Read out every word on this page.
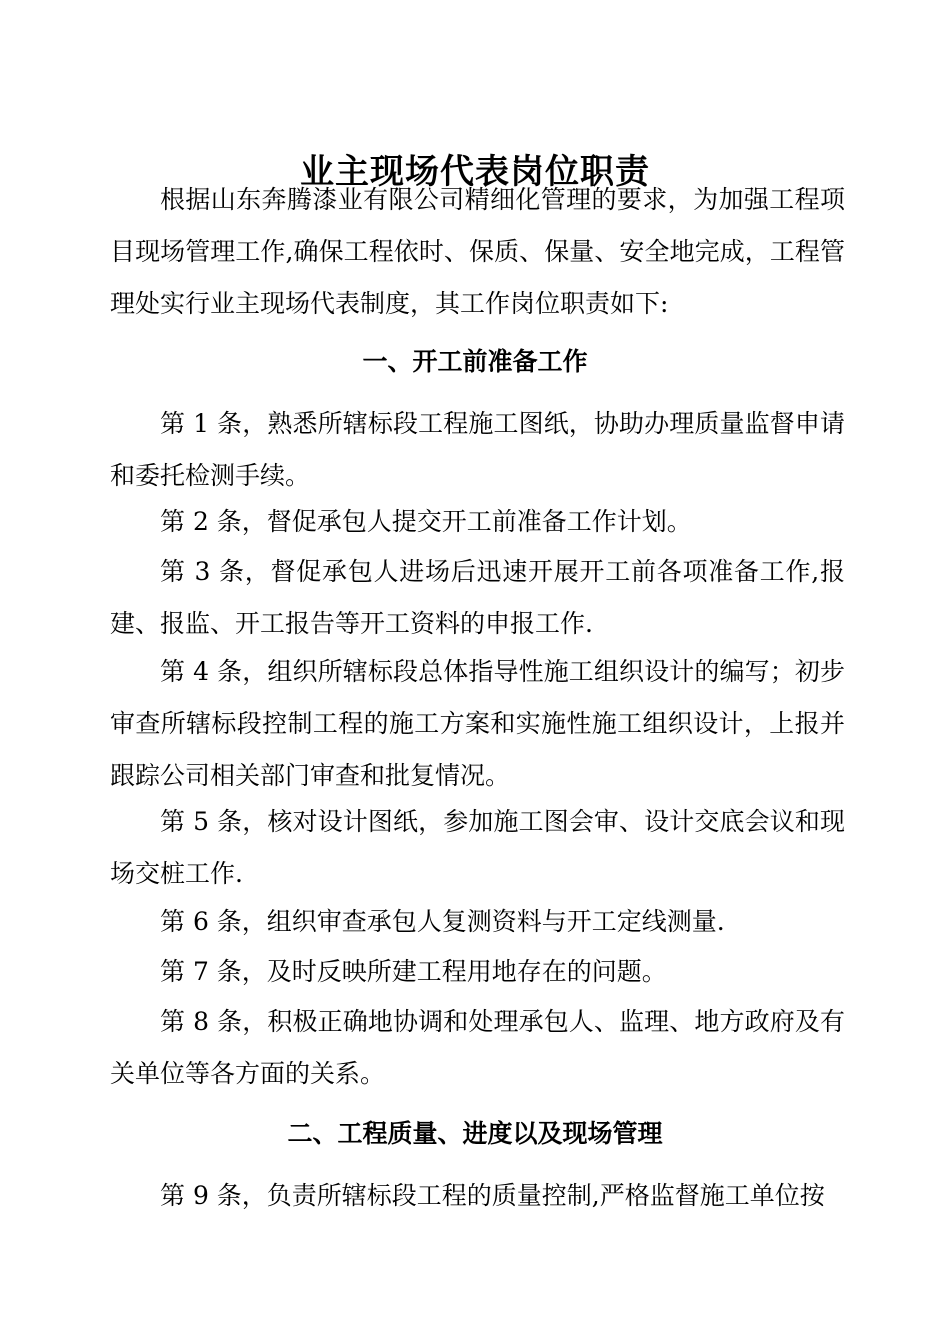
业主现场代表岗位职责

根据山东奔腾漆业有限公司精细化管理的要求，为加强工程项目现场管理工作,确保工程依时、保质、保量、安全地完成，工程管理处实行业主现场代表制度，其工作岗位职责如下:

一、开工前准备工作

第 1 条，熟悉所辖标段工程施工图纸，协助办理质量监督申请和委托检测手续。

第 2 条，督促承包人提交开工前准备工作计划。

第 3 条，督促承包人进场后迅速开展开工前各项准备工作,报建、报监、开工报告等开工资料的申报工作.

第 4 条，组织所辖标段总体指导性施工组织设计的编写；初步审查所辖标段控制工程的施工方案和实施性施工组织设计，上报并跟踪公司相关部门审查和批复情况。

第 5 条，核对设计图纸，参加施工图会审、设计交底会议和现场交桩工作.

第 6 条，组织审查承包人复测资料与开工定线测量.

第 7 条，及时反映所建工程用地存在的问题。

第 8 条，积极正确地协调和处理承包人、监理、地方政府及有关单位等各方面的关系。

二、工程质量、进度以及现场管理

第 9 条，负责所辖标段工程的质量控制,严格监督施工单位按
